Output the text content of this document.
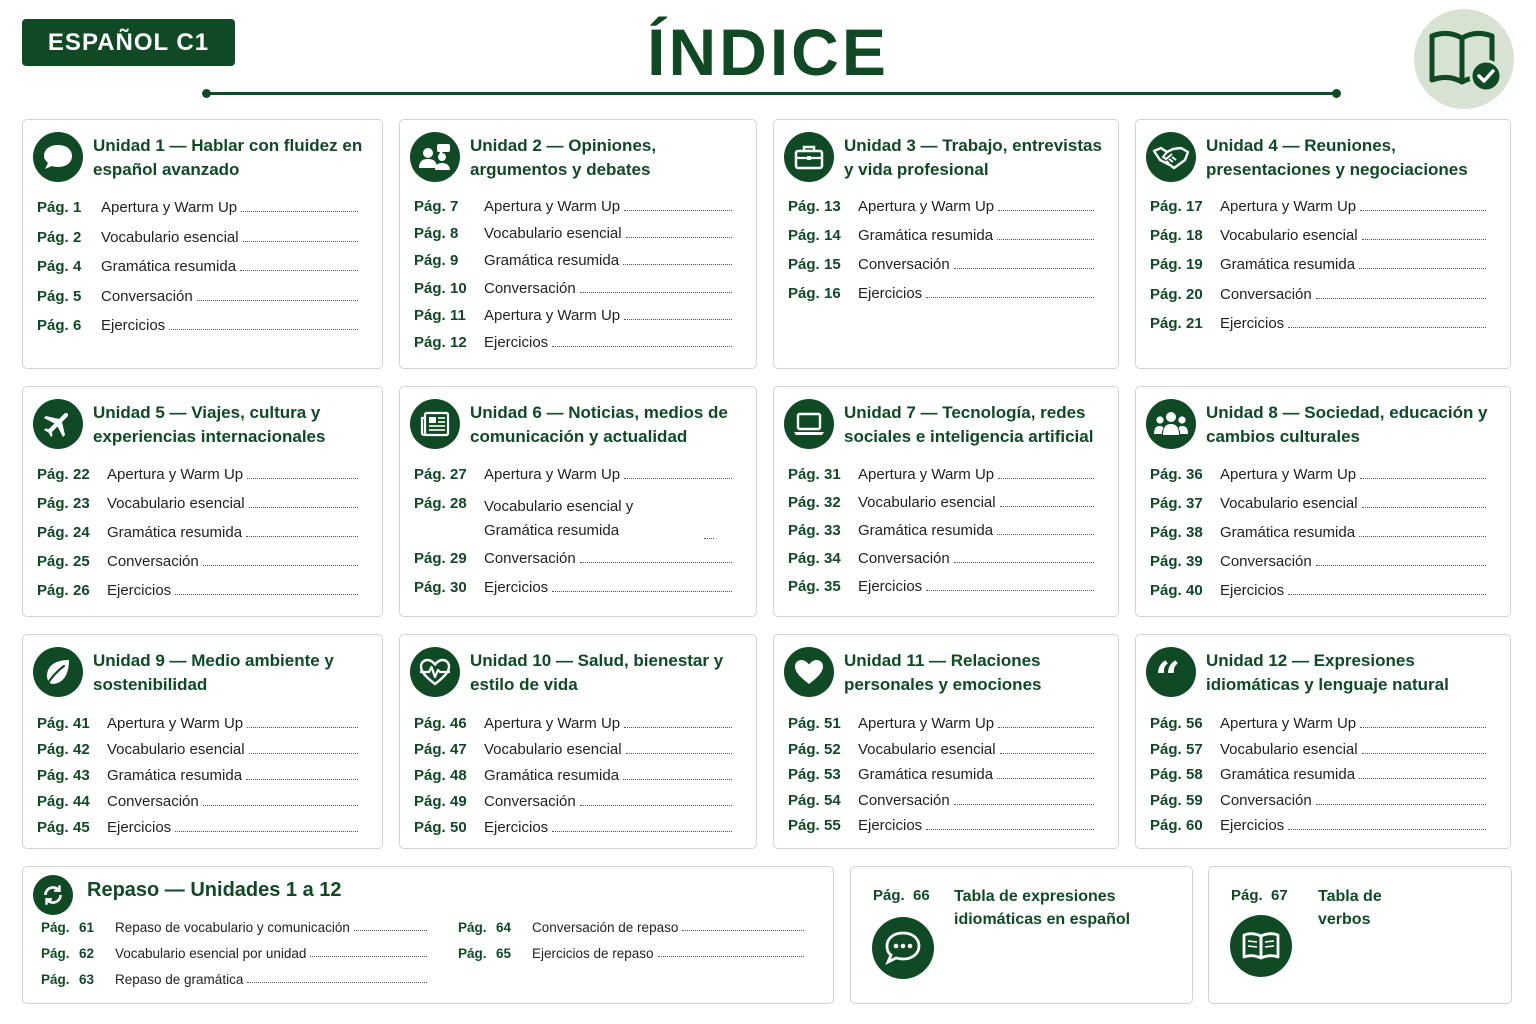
ESPAÑOL C1	ÍNDICE
Unidad 1 — Hablar con fluidez en español avanzado
Pág. 1	Apertura y Warm Up
Pág. 2	Vocabulario esencial
Pág. 4	Gramática resumida
Pág. 5	Conversación
Pág. 6	Ejercicios
Unidad 2 — Opiniones, argumentos y debates
Pág. 7	Apertura y Warm Up
Pág. 8	Vocabulario esencial
Pág. 9	Gramática resumida
Pág. 10	Conversación
Pág. 11	Apertura y Warm Up
Pág. 12	Ejercicios
Unidad 3 — Trabajo, entrevistas y vida profesional
Pág. 13	Apertura y Warm Up
Pág. 14	Gramática resumida
Pág. 15	Conversación
Pág. 16	Ejercicios
Unidad 4 — Reuniones, presentaciones y negociaciones
Pág. 17	Apertura y Warm Up
Pág. 18	Vocabulario esencial
Pág. 19	Gramática resumida
Pág. 20	Conversación
Pág. 21	Ejercicios
Unidad 5 — Viajes, cultura y experiencias internacionales
Pág. 22	Apertura y Warm Up
Pág. 23	Vocabulario esencial
Pág. 24	Gramática resumida
Pág. 25	Conversación
Pág. 26	Ejercicios
Unidad 6 — Noticias, medios de comunicación y actualidad
Pág. 27	Apertura y Warm Up
Pág. 28	Vocabulario esencial y Gramática resumida
Pág. 29	Conversación
Pág. 30	Ejercicios
Unidad 7 — Tecnología, redes sociales e inteligencia artificial
Pág. 31	Apertura y Warm Up
Pág. 32	Vocabulario esencial
Pág. 33	Gramática resumida
Pág. 34	Conversación
Pág. 35	Ejercicios
Unidad 8 — Sociedad, educación y cambios culturales
Pág. 36	Apertura y Warm Up
Pág. 37	Vocabulario esencial
Pág. 38	Gramática resumida
Pág. 39	Conversación
Pág. 40	Ejercicios
Unidad 9 — Medio ambiente y sostenibilidad
Pág. 41	Apertura y Warm Up
Pág. 42	Vocabulario esencial
Pág. 43	Gramática resumida
Pág. 44	Conversación
Pág. 45	Ejercicios
Unidad 10 — Salud, bienestar y estilo de vida
Pág. 46	Apertura y Warm Up
Pág. 47	Vocabulario esencial
Pág. 48	Gramática resumida
Pág. 49	Conversación
Pág. 50	Ejercicios
Unidad 11 — Relaciones personales y emociones
Pág. 51	Apertura y Warm Up
Pág. 52	Vocabulario esencial
Pág. 53	Gramática resumida
Pág. 54	Conversación
Pág. 55	Ejercicios
“ Unidad 12 — Expresiones idiomáticas y lenguaje natural
Pág. 56	Apertura y Warm Up
Pág. 57	Vocabulario esencial
Pág. 58	Gramática resumida
Pág. 59	Conversación
Pág. 60	Ejercicios
Repaso — Unidades 1 a 12
Pág. 61	Repaso de vocabulario y comunicación
Pág. 62	Vocabulario esencial por unidad
Pág. 63	Repaso de gramática
Pág. 64	Conversación de repaso
Pág. 65	Ejercicios de repaso
Pág. 66 Tabla de expresiones idiomáticas en español
Pág. 67 Tabla de verbos
